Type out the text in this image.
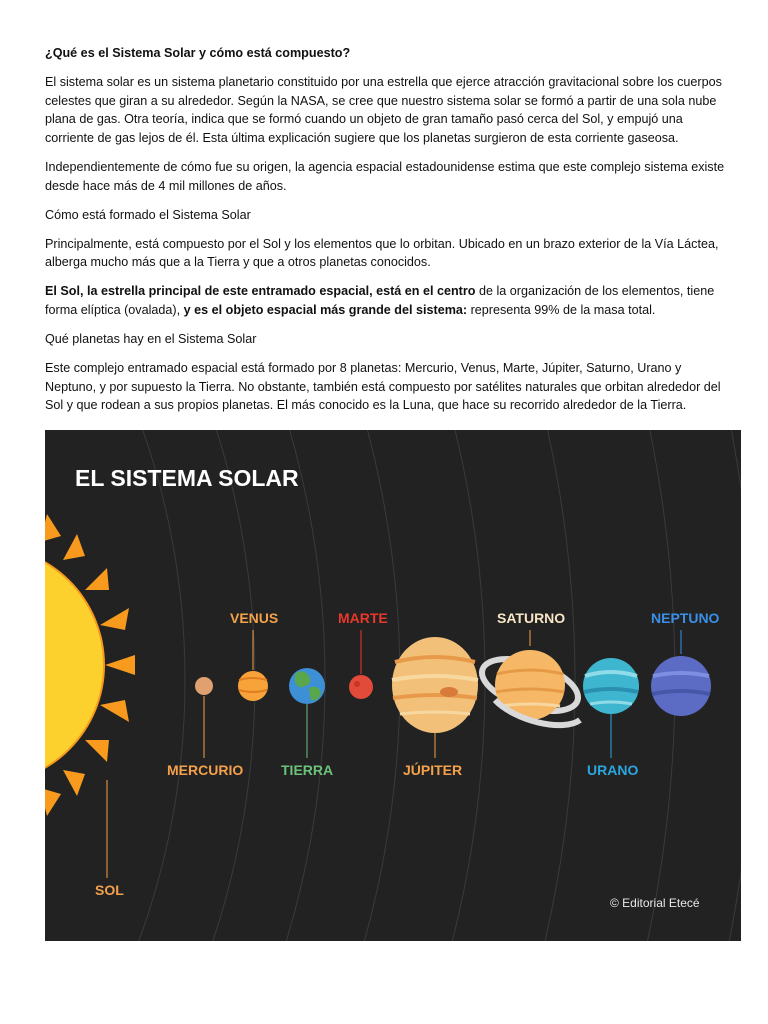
¿Qué es el Sistema Solar y cómo está compuesto?

El sistema solar es un sistema planetario constituido por una estrella que ejerce atracción gravitacional sobre los cuerpos celestes que giran a su alrededor. Según la NASA, se cree que nuestro sistema solar se formó a partir de una sola nube plana de gas. Otra teoría, indica que se formó cuando un objeto de gran tamaño pasó cerca del Sol, y empujó una corriente de gas lejos de él. Esta última explicación sugiere que los planetas surgieron de esta corriente gaseosa.

Independientemente de cómo fue su origen, la agencia espacial estadounidense estima que este complejo sistema existe desde hace más de 4 mil millones de años.

Cómo está formado el Sistema Solar

Principalmente, está compuesto por el Sol y los elementos que lo orbitan. Ubicado en un brazo exterior de la Vía Láctea, alberga mucho más que a la Tierra y que a otros planetas conocidos.

El Sol, la estrella principal de este entramado espacial, está en el centro de la organización de los elementos, tiene forma elíptica (ovalada), y es el objeto espacial más grande del sistema: representa 99% de la masa total.

Qué planetas hay en el Sistema Solar

Este complejo entramado espacial está formado por 8 planetas: Mercurio, Venus, Marte, Júpiter, Saturno, Urano y Neptuno, y por supuesto la Tierra. No obstante, también está compuesto por satélites naturales que orbitan alrededor del Sol y que rodean a sus propios planetas. El más conocido es la Luna, que hace su recorrido alrededor de la Tierra.

EL SISTEMA SOLAR
SOL
MERCURIO
VENUS
TIERRA
MARTE
JÚPITER
SATURNO
URANO
NEPTUNO
© Editorial Etecé
